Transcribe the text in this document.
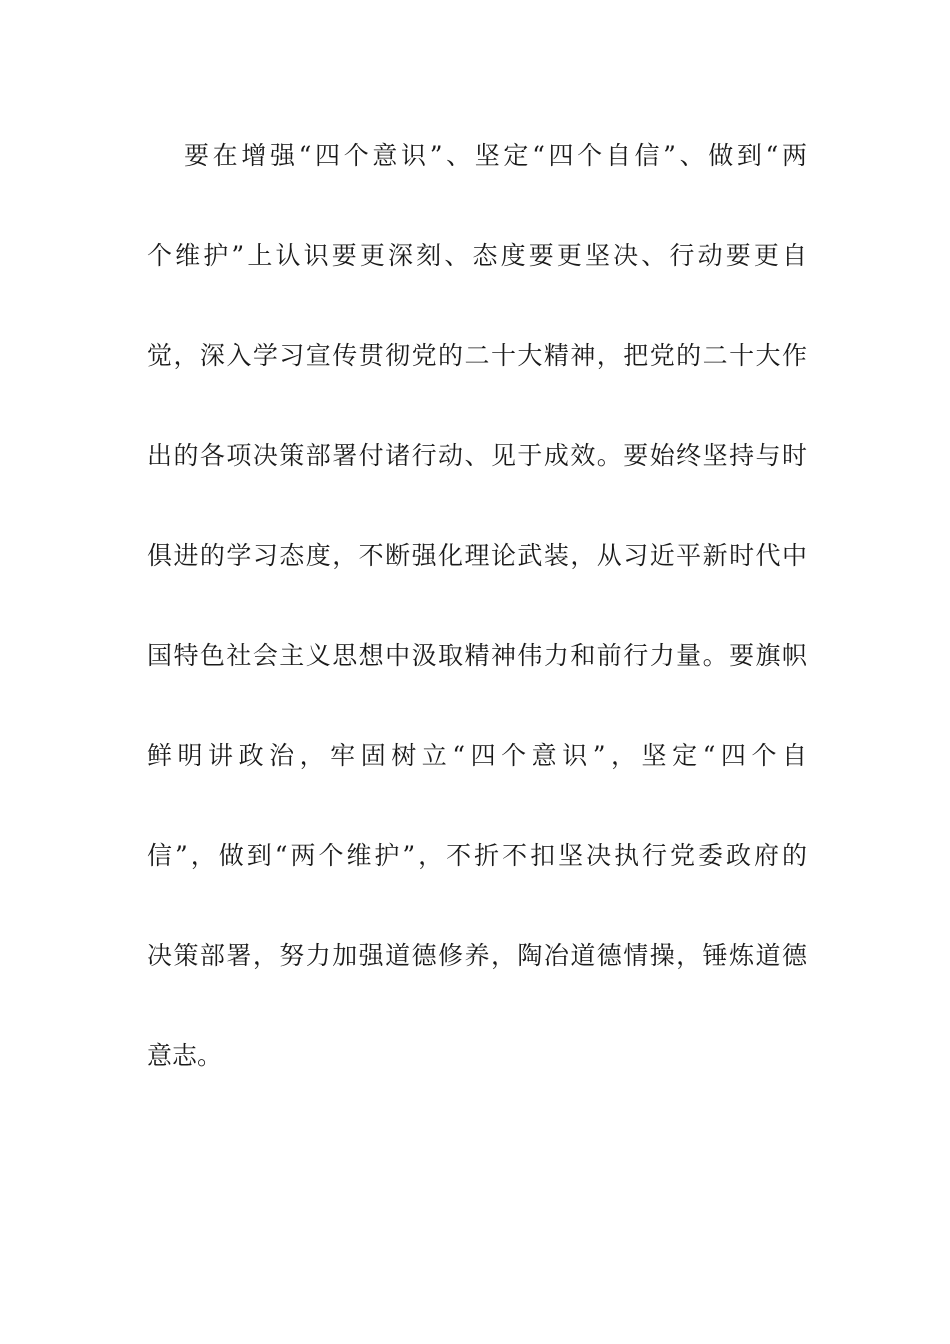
要在增强“四个意识”、坚定“四个自信”、做到“两
个维护”上认识要更深刻、态度要更坚决、行动要更自
觉，深入学习宣传贯彻党的二十大精神，把党的二十大作
出的各项决策部署付诸行动、见于成效。要始终坚持与时
俱进的学习态度，不断强化理论武装，从习近平新时代中
国特色社会主义思想中汲取精神伟力和前行力量。要旗帜
鲜明讲政治，牢固树立“四个意识”，坚定“四个自
信”，做到“两个维护”，不折不扣坚决执行党委政府的
决策部署，努力加强道德修养，陶冶道德情操，锤炼道德
意志。
